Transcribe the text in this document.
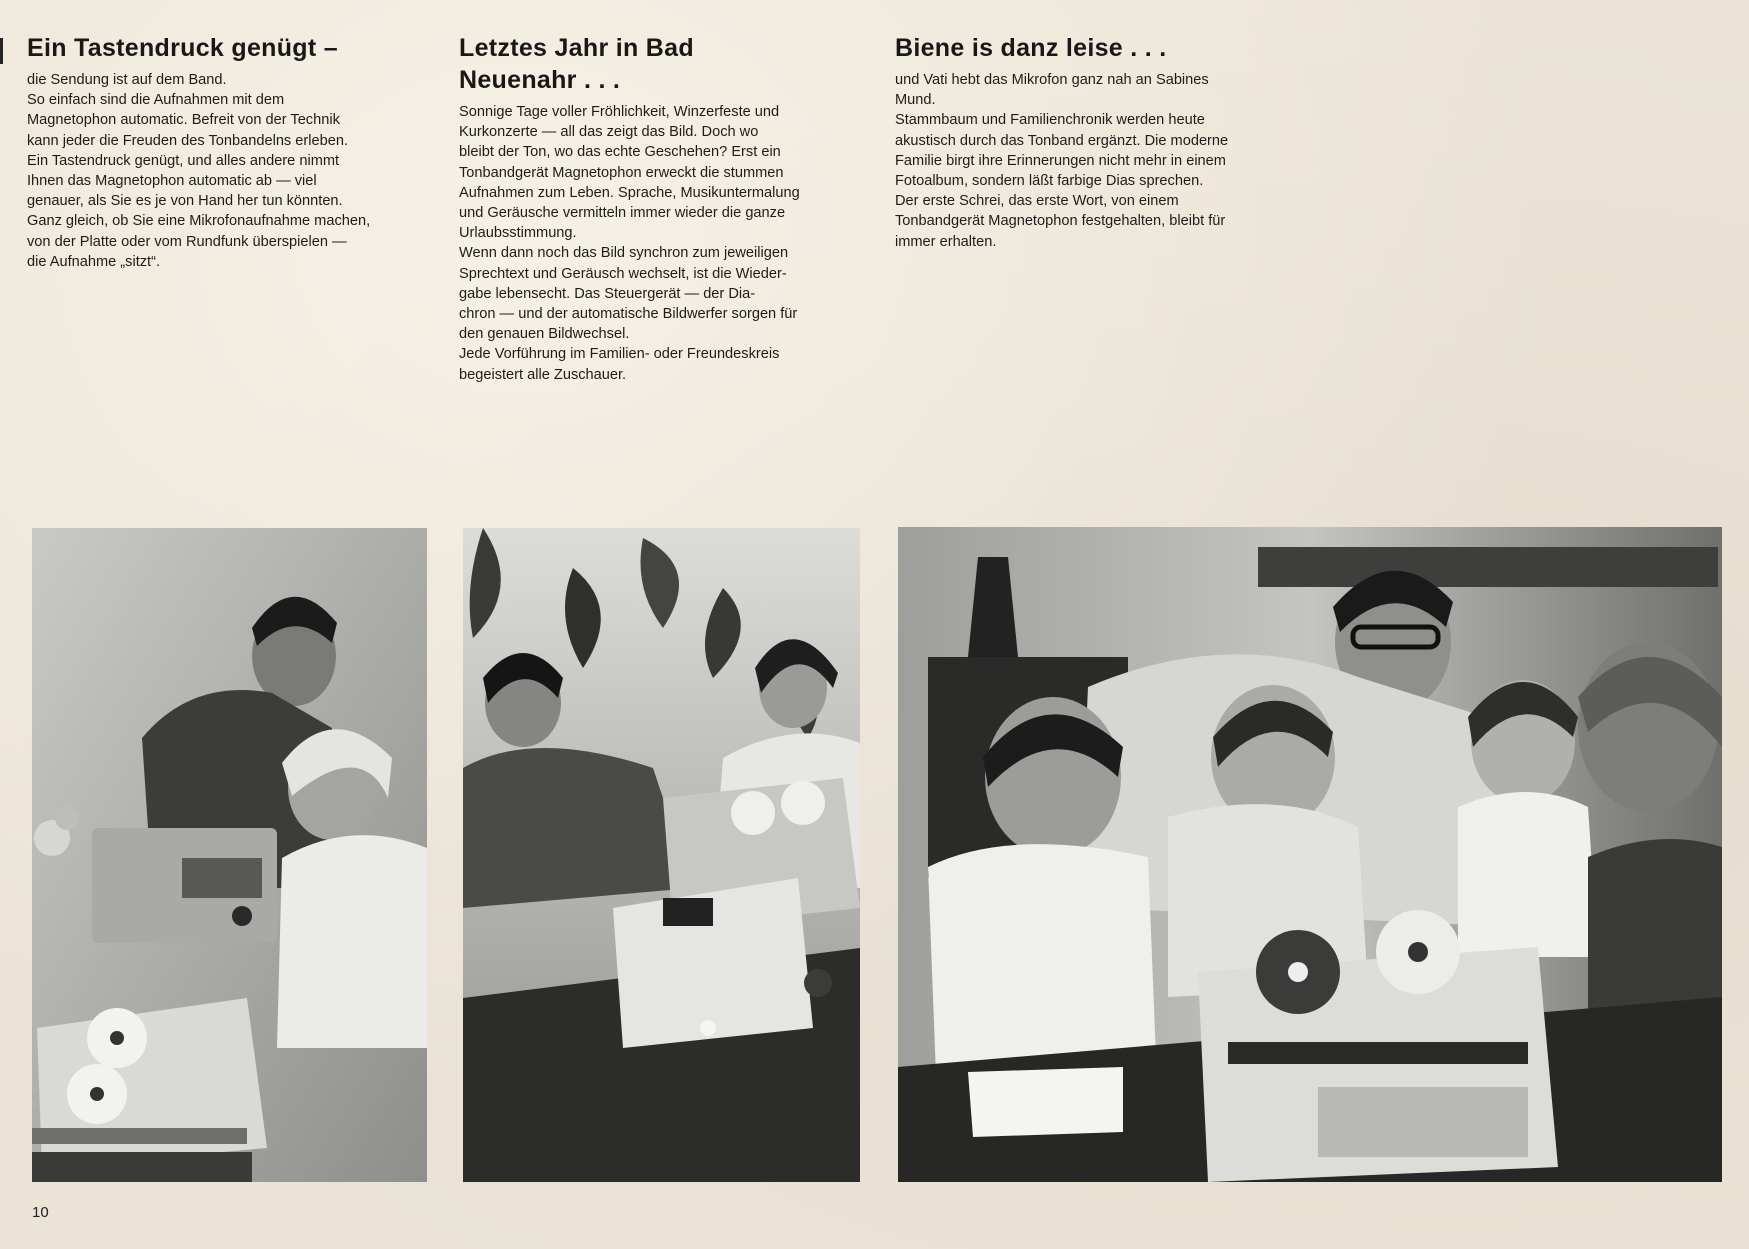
Ein Tastendruck genügt –

die Sendung ist auf dem Band.
So einfach sind die Aufnahmen mit dem
Magnetophon automatic. Befreit von der Technik
kann jeder die Freuden des Tonbandelns erleben.
Ein Tastendruck genügt, und alles andere nimmt
Ihnen das Magnetophon automatic ab — viel
genauer, als Sie es je von Hand her tun könnten.
Ganz gleich, ob Sie eine Mikrofonaufnahme machen,
von der Platte oder vom Rundfunk überspielen —
die Aufnahme „sitzt“.

Letztes Jahr in Bad
Neuenahr . . .

Sonnige Tage voller Fröhlichkeit, Winzerfeste und
Kurkonzerte — all das zeigt das Bild. Doch wo
bleibt der Ton, wo das echte Geschehen? Erst ein
Tonbandgerät Magnetophon erweckt die stummen
Aufnahmen zum Leben. Sprache, Musikuntermalung
und Geräusche vermitteln immer wieder die ganze
Urlaubsstimmung.
Wenn dann noch das Bild synchron zum jeweiligen
Sprechtext und Geräusch wechselt, ist die Wieder-
gabe lebensecht. Das Steuergerät — der Dia-
chron — und der automatische Bildwerfer sorgen für
den genauen Bildwechsel.
Jede Vorführung im Familien- oder Freundeskreis
begeistert alle Zuschauer.

Biene is danz leise . . .

und Vati hebt das Mikrofon ganz nah an Sabines
Mund.
Stammbaum und Familienchronik werden heute
akustisch durch das Tonband ergänzt. Die moderne
Familie birgt ihre Erinnerungen nicht mehr in einem
Fotoalbum, sondern läßt farbige Dias sprechen.
Der erste Schrei, das erste Wort, von einem
Tonbandgerät Magnetophon festgehalten, bleibt für
immer erhalten.

10
